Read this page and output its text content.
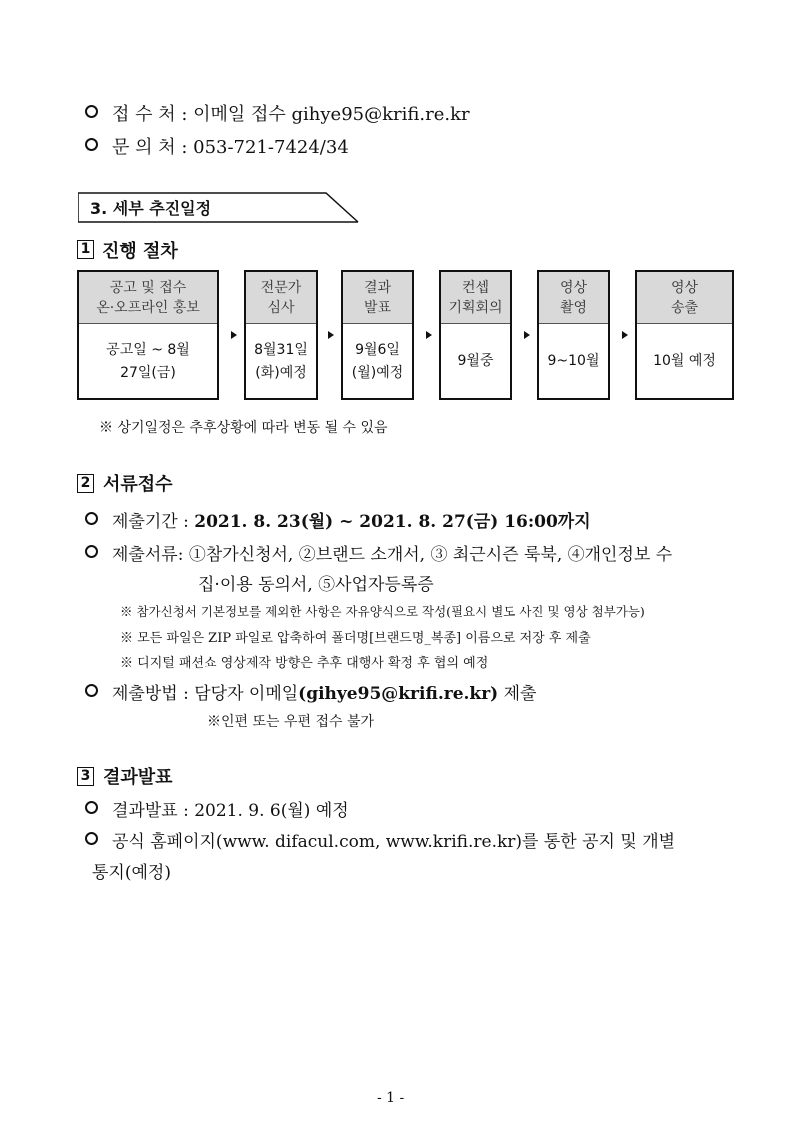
접 수 처 : 이메일 접수 gihye95@krifi.re.kr
문 의 처 : 053-721-7424/34
3. 세부 추진일정
1 진행 절차
공고 및 접수
온·오프라인 홍보
공고일 ~ 8월
27일(금)
전문가
심사
8월31일
(화)예정
결과
발표
9월6일
(월)예정
컨셉
기획회의
9월중
영상
촬영
9~10월
영상
송출
10월 예정
※ 상기일정은 추후상황에 따라 변동 될 수 있음
2 서류접수
제출기간 : 2021. 8. 23(월) ~ 2021. 8. 27(금) 16:00까지
제출서류: ①참가신청서, ②브랜드 소개서, ③ 최근시즌 룩북, ④개인정보 수
집·이용 동의서, ⑤사업자등록증
※ 참가신청서 기본정보를 제외한 사항은 자유양식으로 작성(필요시 별도 사진 및 영상 첨부가능)
※ 모든 파일은 ZIP 파일로 압축하여 폴더명[브랜드명_복종] 이름으로 저장 후 제출
※ 디지털 패션쇼 영상제작 방향은 추후 대행사 확정 후 협의 예정
제출방법 : 담당자 이메일(gihye95@krifi.re.kr) 제출
※인편 또는 우편 접수 불가
3 결과발표
결과발표 : 2021. 9. 6(월) 예정
공식 홈페이지(www. difacul.com, www.krifi.re.kr)를 통한 공지 및 개별
통지(예정)
- 1 -
